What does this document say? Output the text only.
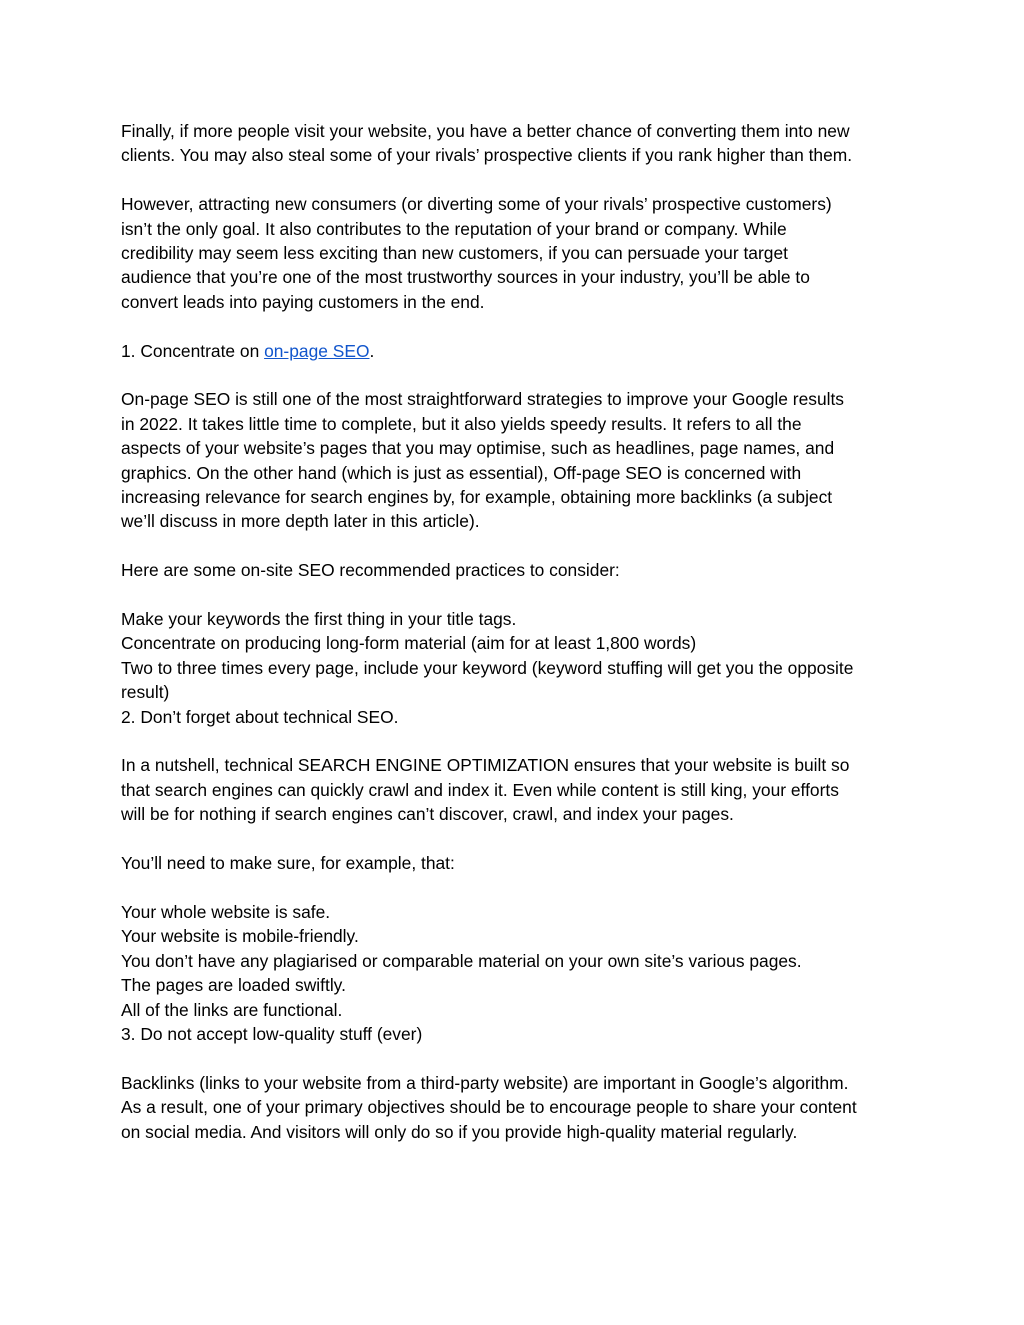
Finally, if more people visit your website, you have a better chance of converting them into new
clients. You may also steal some of your rivals’ prospective clients if you rank higher than them.
However, attracting new consumers (or diverting some of your rivals’ prospective customers)
isn’t the only goal. It also contributes to the reputation of your brand or company. While
credibility may seem less exciting than new customers, if you can persuade your target
audience that you’re one of the most trustworthy sources in your industry, you’ll be able to
convert leads into paying customers in the end.
1. Concentrate on on-page SEO.
On-page SEO is still one of the most straightforward strategies to improve your Google results
in 2022. It takes little time to complete, but it also yields speedy results. It refers to all the
aspects of your website’s pages that you may optimise, such as headlines, page names, and
graphics. On the other hand (which is just as essential), Off-page SEO is concerned with
increasing relevance for search engines by, for example, obtaining more backlinks (a subject
we’ll discuss in more depth later in this article).
Here are some on-site SEO recommended practices to consider:
Make your keywords the first thing in your title tags.
Concentrate on producing long-form material (aim for at least 1,800 words)
Two to three times every page, include your keyword (keyword stuffing will get you the opposite
result)
2. Don’t forget about technical SEO.
In a nutshell, technical SEARCH ENGINE OPTIMIZATION ensures that your website is built so
that search engines can quickly crawl and index it. Even while content is still king, your efforts
will be for nothing if search engines can’t discover, crawl, and index your pages.
You’ll need to make sure, for example, that:
Your whole website is safe.
Your website is mobile-friendly.
You don’t have any plagiarised or comparable material on your own site’s various pages.
The pages are loaded swiftly.
All of the links are functional.
3. Do not accept low-quality stuff (ever)
Backlinks (links to your website from a third-party website) are important in Google’s algorithm.
As a result, one of your primary objectives should be to encourage people to share your content
on social media. And visitors will only do so if you provide high-quality material regularly.
